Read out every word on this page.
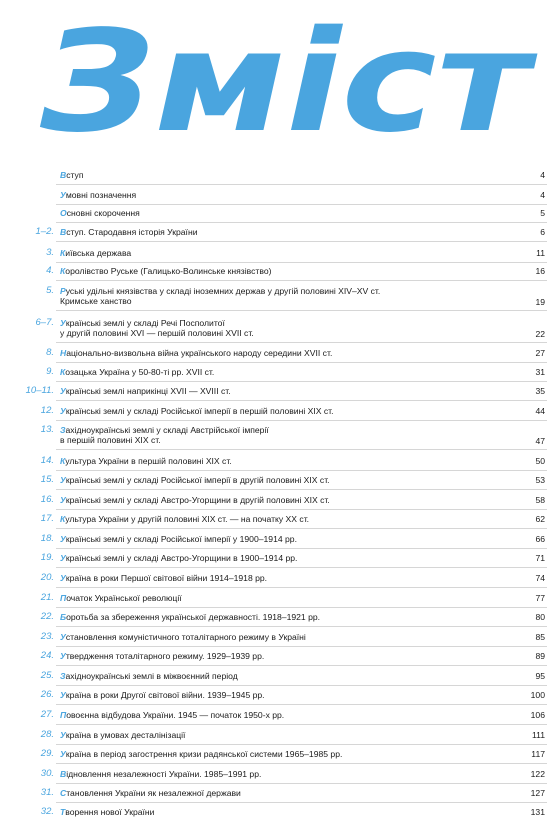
Зміст
Вступ	4
Умовні позначення	4
Основні скорочення	5
1–2. Вступ. Стародавня історія України	6
3. Київська держава	11
4. Королівство Руське (Галицько-Волинське князівство)	16
5. Руські удільні князівства у складі іноземних держав у другій половині XIV–XV ст.
Кримське ханство	19
6–7. Українські землі у складі Речі Посполитої
у другій половині XVI — першій половині XVII ст.	22
8. Національно-визвольна війна українського народу середини XVII ст.	27
9. Козацька Україна у 50-80-ті рр. XVII ст.	31
10–11. Українські землі наприкінці XVII — XVIII ст.	35
12. Українські землі у складі Російської імперії в першій половині XIX ст.	44
13. Західноукраїнські землі у складі Австрійської імперії
в першій половині XIX ст.	47
14. Культура України в першій половині XIX ст.	50
15. Українські землі у складі Російської імперії в другій половині XIX ст.	53
16. Українські землі у складі Австро-Угорщини в другій половині XIX ст.	58
17. Культура України у другій половині XIX ст. — на початку XX ст.	62
18. Українські землі у складі Російської імперії у 1900–1914 рр.	66
19. Українські землі у складі Австро-Угорщини в 1900–1914 рр.	71
20. Україна в роки Першої світової війни 1914–1918 рр.	74
21. Початок Української революції	77
22. Боротьба за збереження української державності. 1918–1921 рр.	80
23. Установлення комуністичного тоталітарного режиму в Україні	85
24. Утвердження тоталітарного режиму. 1929–1939 рр.	89
25. Західноукраїнські землі в міжвоєнний період	95
26. Україна в роки Другої світової війни. 1939–1945 рр.	100
27. Повоєнна відбудова України. 1945 — початок 1950-х рр.	106
28. Україна в умовах десталінізації	111
29. Україна в період загострення кризи радянської системи 1965–1985 рр.	117
30. Відновлення незалежності України. 1985–1991 рр.	122
31. Становлення України як незалежної держави	127
32. Творення нової України	131
